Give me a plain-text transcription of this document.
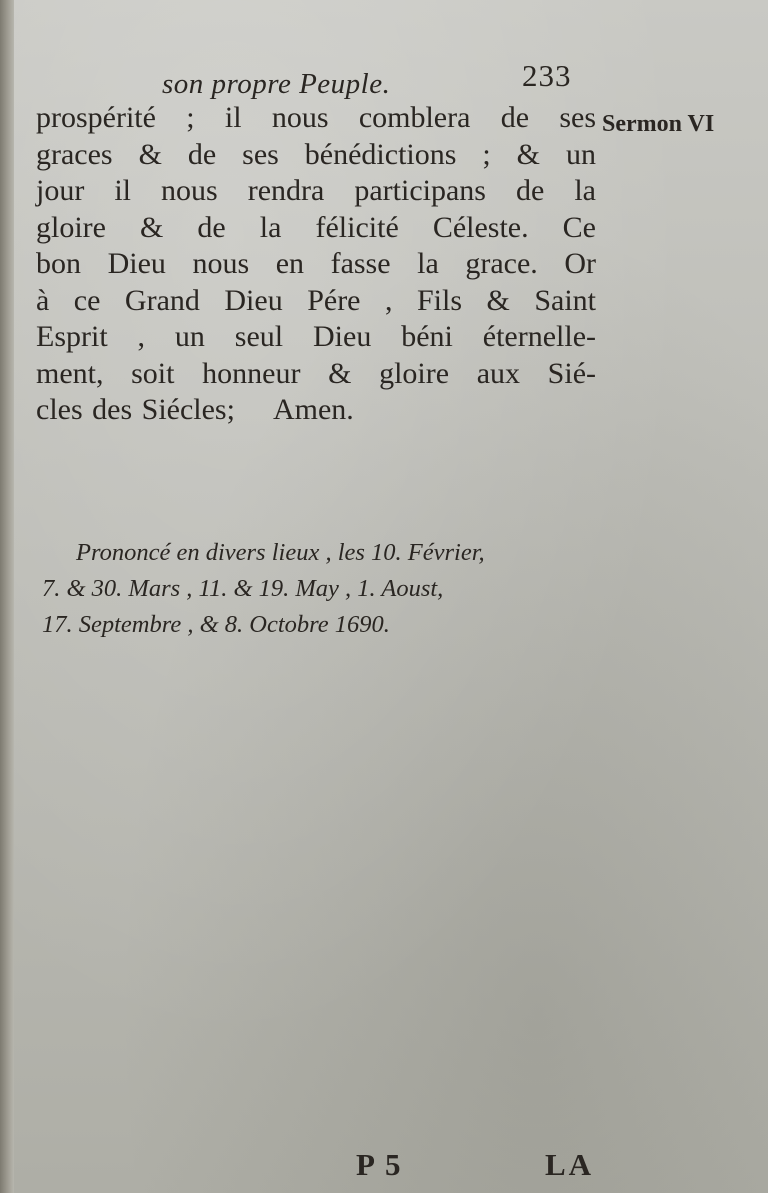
son propre Peuple.	233
Sermon VI
prospérité ; il nous comblera de ses
graces & de ses bénédictions ; & un
jour il nous rendra participans de la
gloire & de la félicité Céleste. Ce
bon Dieu nous en fasse la grace. Or
à ce Grand Dieu Pére , Fils & Saint
Esprit , un seul Dieu béni éternelle-
ment, soit honneur & gloire aux Sié-
cles des Siécles; Amen.
Prononcé en divers lieux , les 10. Février,
7. & 30. Mars , 11. & 19. May , 1. Aoust,
17. Septembre , & 8. Octobre 1690.
P 5	LA
